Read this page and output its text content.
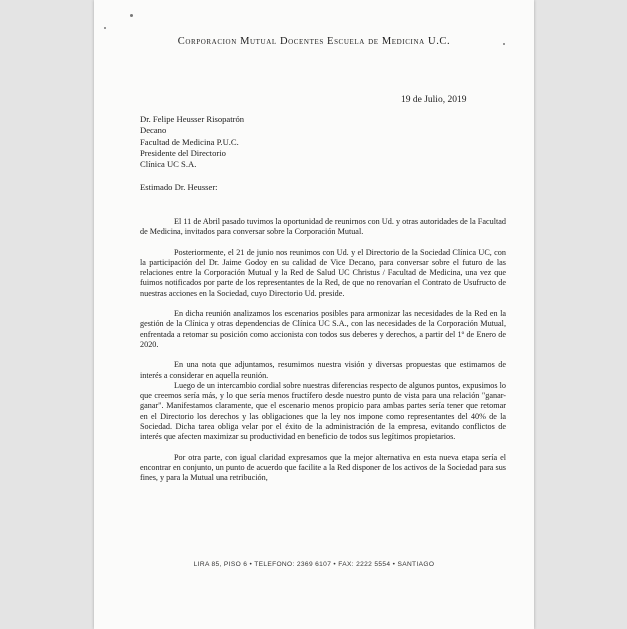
Corporacion Mutual Docentes Escuela de Medicina U.C.
19 de Julio, 2019
Dr. Felipe Heusser Risopatrón
Decano
Facultad de Medicina P.U.C.
Presidente del Directorio
Clínica UC S.A.
Estimado Dr. Heusser:

El 11 de Abril pasado tuvimos la oportunidad de reunirnos con Ud. y otras autoridades de la Facultad de Medicina, invitados para conversar sobre la Corporación Mutual.

Posteriormente, el 21 de junio nos reunimos con Ud. y el Directorio de la Sociedad Clínica UC, con la participación del Dr. Jaime Godoy en su calidad de Vice Decano, para conversar sobre el futuro de las relaciones entre la Corporación Mutual y la Red de Salud UC Christus / Facultad de Medicina, una vez que fuimos notificados por parte de los representantes de la Red, de que no renovarían el Contrato de Usufructo de nuestras acciones en la Sociedad, cuyo Directorio Ud. preside.

En dicha reunión analizamos los escenarios posibles para armonizar las necesidades de la Red en la gestión de la Clínica y otras dependencias de Clínica UC S.A., con las necesidades de la Corporación Mutual, enfrentada a retomar su posición como accionista con todos sus deberes y derechos, a partir del 1º de Enero de 2020.

En una nota que adjuntamos, resumimos nuestra visión y diversas propuestas que estimamos de interés a considerar en aquella reunión.

Luego de un intercambio cordial sobre nuestras diferencias respecto de algunos puntos, expusimos lo que creemos sería más, y lo que sería menos fructífero desde nuestro punto de vista para una relación "ganar-ganar". Manifestamos claramente, que el escenario menos propicio para ambas partes sería tener que retomar en el Directorio los derechos y las obligaciones que la ley nos impone como representantes del 40% de la Sociedad. Dicha tarea obliga velar por el éxito de la administración de la empresa, evitando conflictos de interés que afecten maximizar su productividad en beneficio de todos sus legítimos propietarios.

Por otra parte, con igual claridad expresamos que la mejor alternativa en esta nueva etapa sería el encontrar en conjunto, un punto de acuerdo que facilite a la Red disponer de los activos de la Sociedad para sus fines, y para la Mutual una retribución,

LIRA 85, PISO 6 • TELEFONO: 2369 6107 • FAX: 2222 5554 • SANTIAGO
